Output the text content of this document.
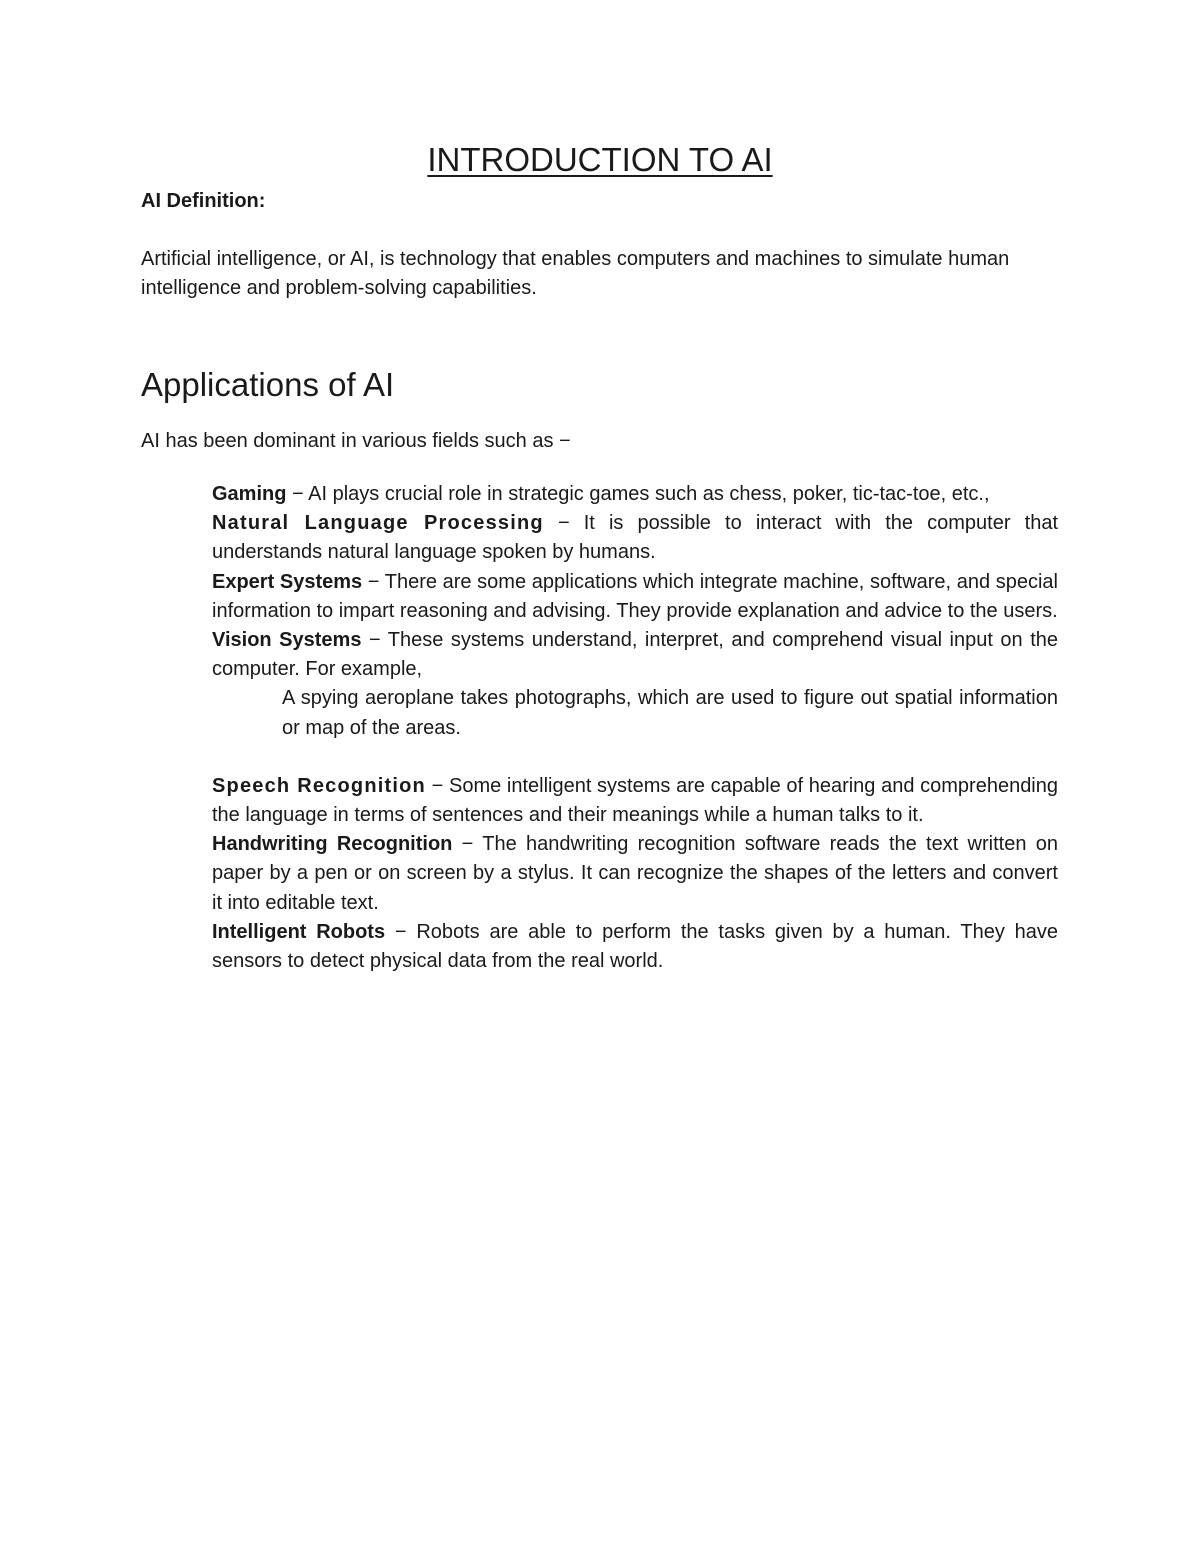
INTRODUCTION TO AI

AI Definition:

Artificial intelligence, or AI, is technology that enables computers and machines to simulate human intelligence and problem-solving capabilities.

Applications of AI

AI has been dominant in various fields such as −

Gaming − AI plays crucial role in strategic games such as chess, poker, tic-tac-toe, etc.,
Natural Language Processing − It is possible to interact with the computer that understands natural language spoken by humans.
Expert Systems − There are some applications which integrate machine, software, and special information to impart reasoning and advising. They provide explanation and advice to the users.
Vision Systems − These systems understand, interpret, and comprehend visual input on the computer. For example,
A spying aeroplane takes photographs, which are used to figure out spatial information or map of the areas.
Speech Recognition − Some intelligent systems are capable of hearing and comprehending the language in terms of sentences and their meanings while a human talks to it.
Handwriting Recognition − The handwriting recognition software reads the text written on paper by a pen or on screen by a stylus. It can recognize the shapes of the letters and convert it into editable text.
Intelligent Robots − Robots are able to perform the tasks given by a human. They have sensors to detect physical data from the real world.
